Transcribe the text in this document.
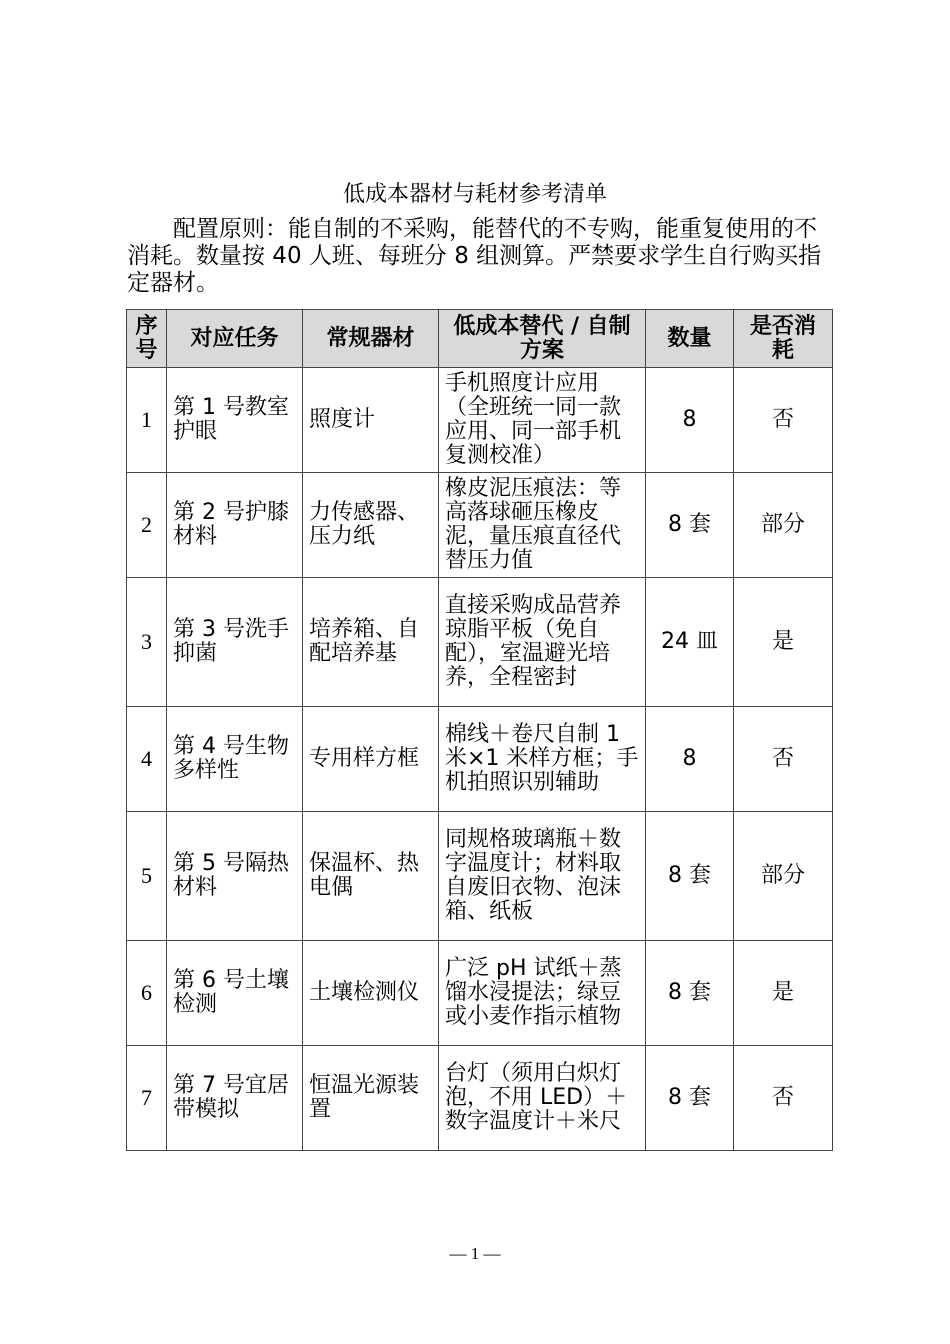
低成本器材与耗材参考清单
配置原则：能自制的不采购，能替代的不专购，能重复使用的不消耗。数量按 40 人班、每班分 8 组测算。严禁要求学生自行购买指定器材。
序号	对应任务	常规器材	低成本替代 / 自制方案	数量	是否消耗
1	第 1 号教室护眼	照度计	手机照度计应用（全班统一同一款应用、同一部手机复测校准）	8	否
2	第 2 号护膝材料	力传感器、压力纸	橡皮泥压痕法：等高落球砸压橡皮泥，量压痕直径代替压力值	8 套	部分
3	第 3 号洗手抑菌	培养箱、自配培养基	直接采购成品营养琼脂平板（免自配），室温避光培养，全程密封	24 皿	是
4	第 4 号生物多样性	专用样方框	棉线＋卷尺自制 1 米×1 米样方框；手机拍照识别辅助	8	否
5	第 5 号隔热材料	保温杯、热电偶	同规格玻璃瓶＋数字温度计；材料取自废旧衣物、泡沫箱、纸板	8 套	部分
6	第 6 号土壤检测	土壤检测仪	广泛 pH 试纸＋蒸馏水浸提法；绿豆或小麦作指示植物	8 套	是
7	第 7 号宜居带模拟	恒温光源装置	台灯（须用白炽灯泡，不用 LED）＋数字温度计＋米尺	8 套	否
— 1 —
